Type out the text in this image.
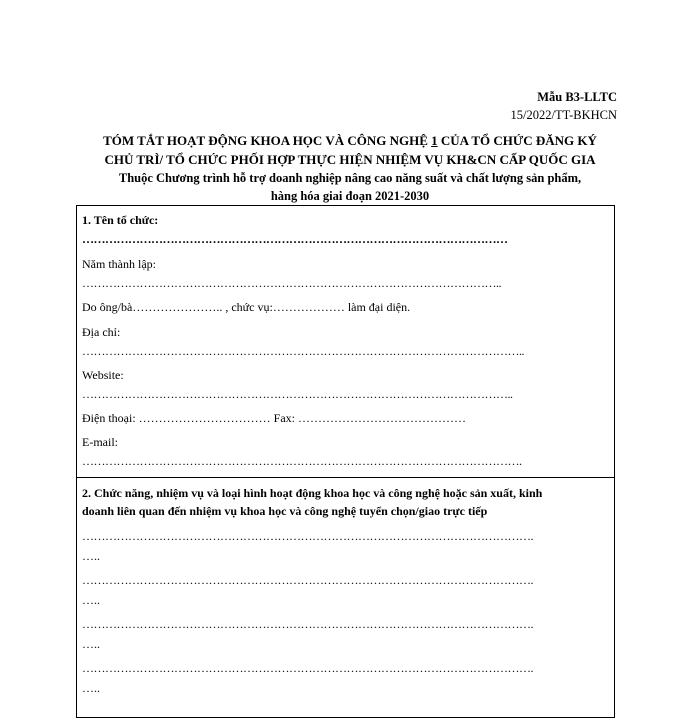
Mẫu B3-LLTC
15/2022/TT-BKHCN
TÓM TẮT HOẠT ĐỘNG KHOA HỌC VÀ CÔNG NGHỆ 1 CỦA TỔ CHỨC ĐĂNG KÝ
CHỦ TRÌ/ TỔ CHỨC PHỐI HỢP THỰC HIỆN NHIỆM VỤ KH&CN CẤP QUỐC GIA
Thuộc Chương trình hỗ trợ doanh nghiệp nâng cao năng suất và chất lượng sản phẩm,
hàng hóa giai đoạn 2021-2030
1. Tên tổ chức:
…………………………………………………………………………………………………
Năm thành lập:
………………………………………………………………………………………………..
Do ông/bà………………….. , chức vụ:……………… làm đại diện.
Địa chỉ:
……………………………………………………………………………………………………..
Website:
…………………………………………………………………………………………………..
Điện thoại: …………………………… Fax: ……………………………………
E-mail:
…………………………………………………………………………………………………….
2. Chức năng, nhiệm vụ và loại hình hoạt động khoa học và công nghệ hoặc sản xuất, kinh
doanh liên quan đến nhiệm vụ khoa học và công nghệ tuyển chọn/giao trực tiếp
……………………………………………………………………………………………………….
…..
……………………………………………………………………………………………………….
…..
……………………………………………………………………………………………………….
…..
……………………………………………………………………………………………………….
…..
